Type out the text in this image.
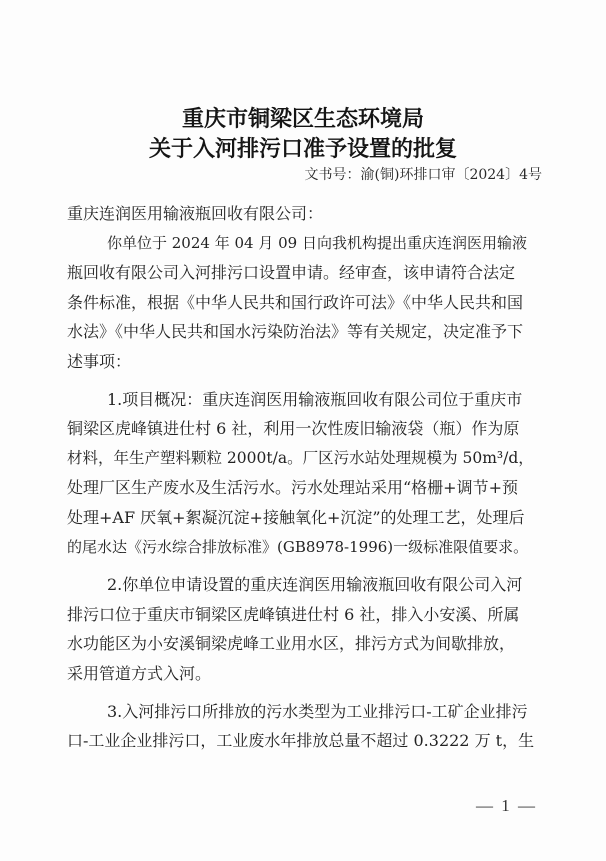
重庆市铜梁区生态环境局
关于入河排污口准予设置的批复
文书号：渝(铜)环排口审〔2024〕4号
重庆连润医用输液瓶回收有限公司：
你单位于 2024 年 04 月 09 日向我机构提出重庆连润医用输液
瓶回收有限公司入河排污口设置申请。经审查，该申请符合法定
条件标准，根据《中华人民共和国行政许可法》《中华人民共和国
水法》《中华人民共和国水污染防治法》等有关规定，决定准予下
述事项：
1.项目概况：重庆连润医用输液瓶回收有限公司位于重庆市
铜梁区虎峰镇进仕村 6 社，利用一次性废旧输液袋（瓶）作为原
材料，年生产塑料颗粒 2000t/a。厂区污水站处理规模为 50m³/d，
处理厂区生产废水及生活污水。污水处理站采用“格栅+调节+预
处理+AF 厌氧+絮凝沉淀+接触氧化+沉淀”的处理工艺，处理后
的尾水达《污水综合排放标准》(GB8978-1996)一级标准限值要求。
2.你单位申请设置的重庆连润医用输液瓶回收有限公司入河
排污口位于重庆市铜梁区虎峰镇进仕村 6 社，排入小安溪、所属
水功能区为小安溪铜梁虎峰工业用水区，排污方式为间歇排放，
采用管道方式入河。
3.入河排污口所排放的污水类型为工业排污口-工矿企业排污
口-工业企业排污口，工业废水年排放总量不超过 0.3222 万 t，生
— 1 —
